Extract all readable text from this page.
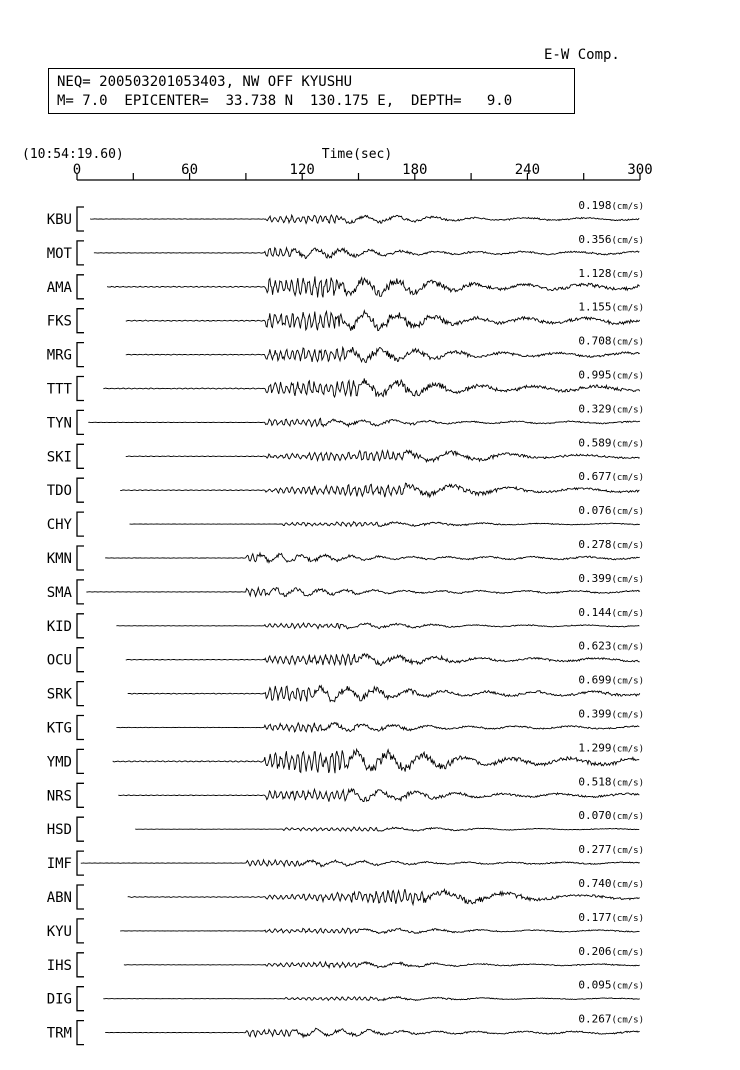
E-W Comp.
NEQ= 200503201053403, NW OFF KYUSHU
M= 7.0  EPICENTER=  33.738 N  130.175 E,  DEPTH=   9.0
(10:54:19.60)	Time(sec)
0	60	120	180	240	300
KBU
0.198(cm/s)
MOT
0.356(cm/s)
AMA
1.128(cm/s)
FKS
1.155(cm/s)
MRG
0.708(cm/s)
TTT
0.995(cm/s)
TYN
0.329(cm/s)
SKI
0.589(cm/s)
TDO
0.677(cm/s)
CHY
0.076(cm/s)
KMN
0.278(cm/s)
SMA
0.399(cm/s)
KID
0.144(cm/s)
OCU
0.623(cm/s)
SRK
0.699(cm/s)
KTG
0.399(cm/s)
YMD
1.299(cm/s)
NRS
0.518(cm/s)
HSD
0.070(cm/s)
IMF
0.277(cm/s)
ABN
0.740(cm/s)
KYU
0.177(cm/s)
IHS
0.206(cm/s)
DIG
0.095(cm/s)
TRM
0.267(cm/s)
